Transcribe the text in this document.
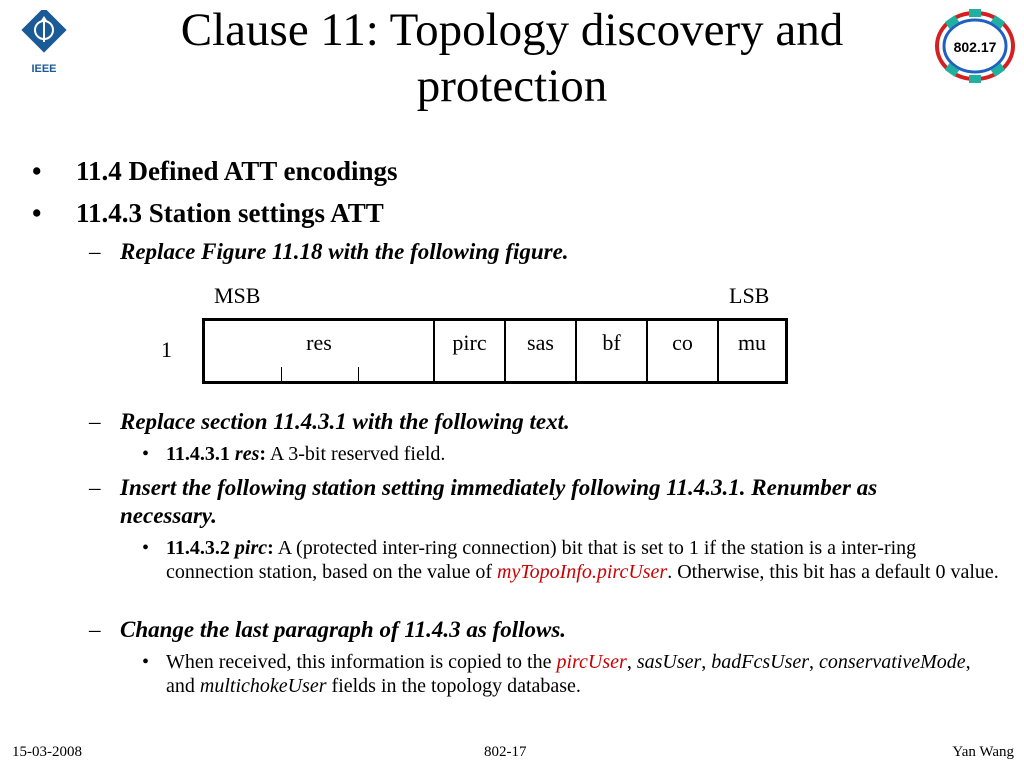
IEEE
Clause 11: Topology discovery and
protection
802.17
• 11.4 Defined ATT encodings
• 11.4.3 Station settings ATT
– Replace Figure 11.18 with the following figure.
MSB	LSB
1	res	pirc	sas	bf	co	mu
– Replace section 11.4.3.1 with the following text.
• 11.4.3.1 res: A 3-bit reserved field.
– Insert the following station setting immediately following 11.4.3.1. Renumber as necessary.
• 11.4.3.2 pirc: A (protected inter-ring connection) bit that is set to 1 if the station is a inter-ring connection station, based on the value of myTopoInfo.pircUser. Otherwise, this bit has a default 0 value.
– Change the last paragraph of 11.4.3 as follows.
• When received, this information is copied to the pircUser, sasUser, badFcsUser, conservativeMode, and multichokeUser fields in the topology database.
15-03-2008	802-17	Yan Wang
